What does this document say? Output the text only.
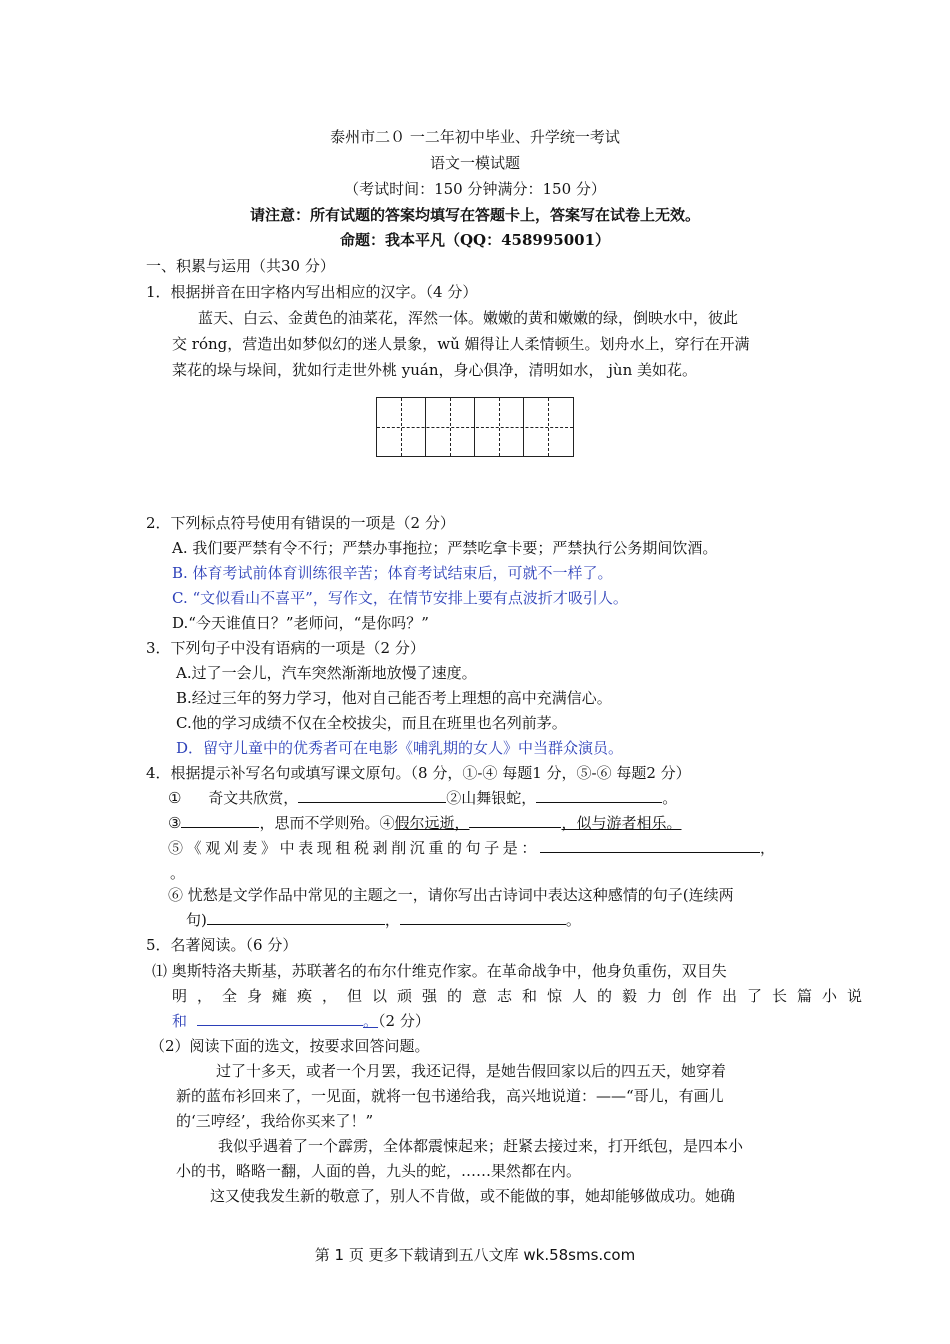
泰州市二０ 一二年初中毕业、升学统一考试
语文一模试题
（考试时间：150 分钟满分：150 分）
请注意：所有试题的答案均填写在答题卡上，答案写在试卷上无效。
命题：我本平凡（QQ：458995001）
一、积累与运用（共30 分）
1．根据拼音在田字格内写出相应的汉字。（4 分）
蓝天、白云、金黄色的油菜花，浑然一体。嫩嫩的黄和嫩嫩的绿，倒映水中，彼此
交 róng，营造出如梦似幻的迷人景象，wǔ 媚得让人柔情顿生。划舟水上，穿行在开满
菜花的垛与垛间，犹如行走世外桃 yuán，身心俱净，清明如水， jùn 美如花。
2．下列标点符号使用有错误的一项是（2 分）
A. 我们要严禁有令不行；严禁办事拖拉；严禁吃拿卡要；严禁执行公务期间饮酒。
B. 体育考试前体育训练很辛苦；体育考试结束后，可就不一样了。
C. “文似看山不喜平”，写作文，在情节安排上要有点波折才吸引人。
D.“今天谁值日？”老师问，“是你吗？”
3．下列句子中没有语病的一项是（2 分）
A.过了一会儿，汽车突然渐渐地放慢了速度。
B.经过三年的努力学习，他对自己能否考上理想的高中充满信心。
C.他的学习成绩不仅在全校拔尖，而且在班里也名列前茅。
D．留守儿童中的优秀者可在电影《哺乳期的女人》中当群众演员。
4．根据提示补写名句或填写课文原句。（8 分，①-④ 每题1 分，⑤-⑥ 每题2 分）
① 奇文共欣赏，	②山舞银蛇，	。
③	，思而不学则殆。④假尔远逝，	，似与游者相乐。
⑤《观刈麦》中表现租税剥削沉重的句子是：	，
。
⑥ 忧愁是文学作品中常见的主题之一，请你写出古诗词中表达这种感情的句子(连续两
句)	，	。
5．名著阅读。（6 分）
⑴ 奥斯特洛夫斯基，苏联著名的布尔什维克作家。在革命战争中，他身负重伤，双目失
明，全身瘫痪，但以顽强的意志和惊人的毅力创作出了长篇小说
和	。（2 分）
（2）阅读下面的选文，按要求回答问题。
过了十多天，或者一个月罢，我还记得，是她告假回家以后的四五天，她穿着
新的蓝布衫回来了，一见面，就将一包书递给我，高兴地说道：——“哥儿，有画儿
的‘三哼经’，我给你买来了！”
我似乎遇着了一个霹雳，全体都震悚起来；赶紧去接过来，打开纸包，是四本小
小的书，略略一翻，人面的兽，九头的蛇，……果然都在内。
这又使我发生新的敬意了，别人不肯做，或不能做的事，她却能够做成功。她确
第 1 页 更多下载请到五八文库 wk.58sms.com
